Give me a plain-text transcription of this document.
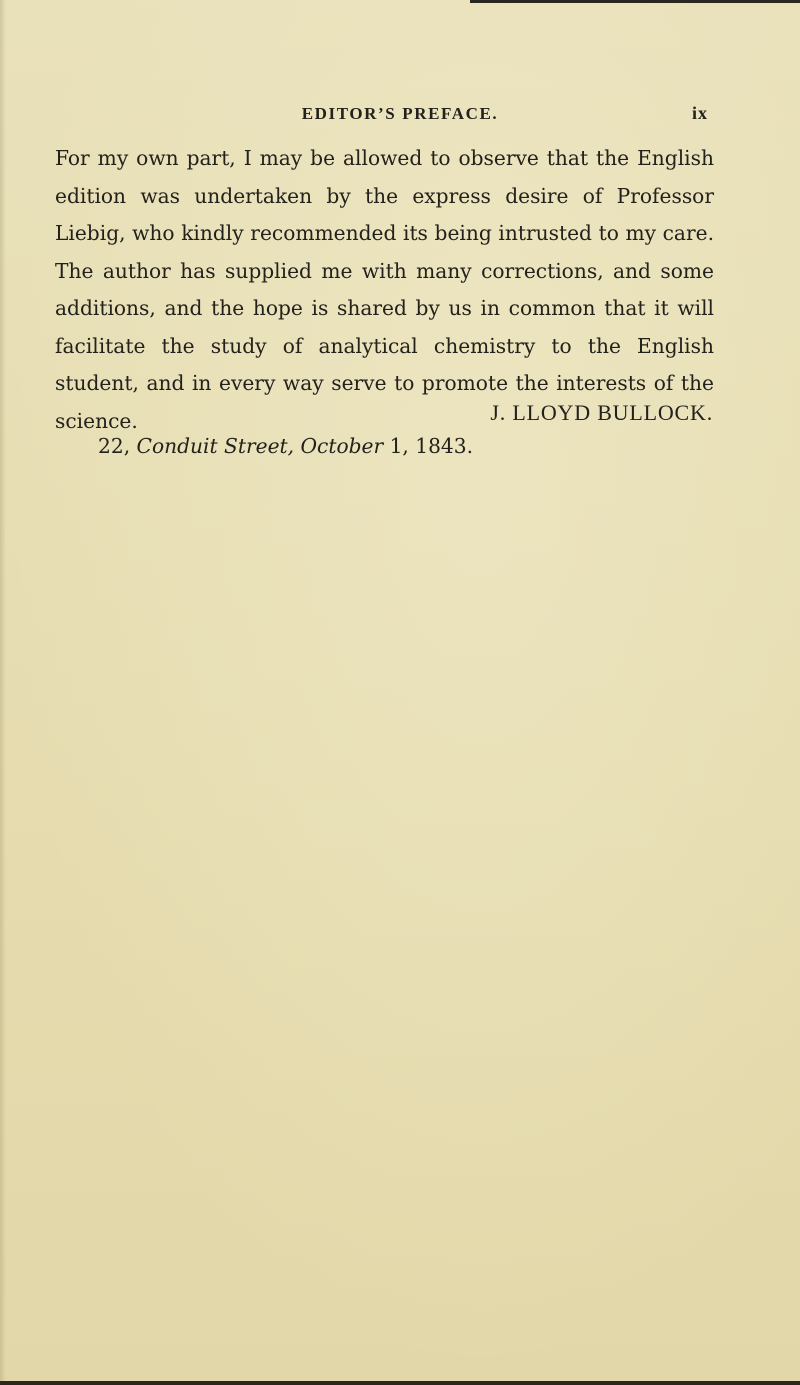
EDITOR’S PREFACE.	ix
For my own part, I may be allowed to observe that the English edition was undertaken by the express desire of Professor Liebig, who kindly recommended its being intrusted to my care. The author has supplied me with many corrections, and some additions, and the hope is shared by us in common that it will facilitate the study of analytical chemistry to the English student, and in every way serve to promote the interests of the science.	J. LLOYD BULLOCK.
22, Conduit Street, October 1, 1843.
